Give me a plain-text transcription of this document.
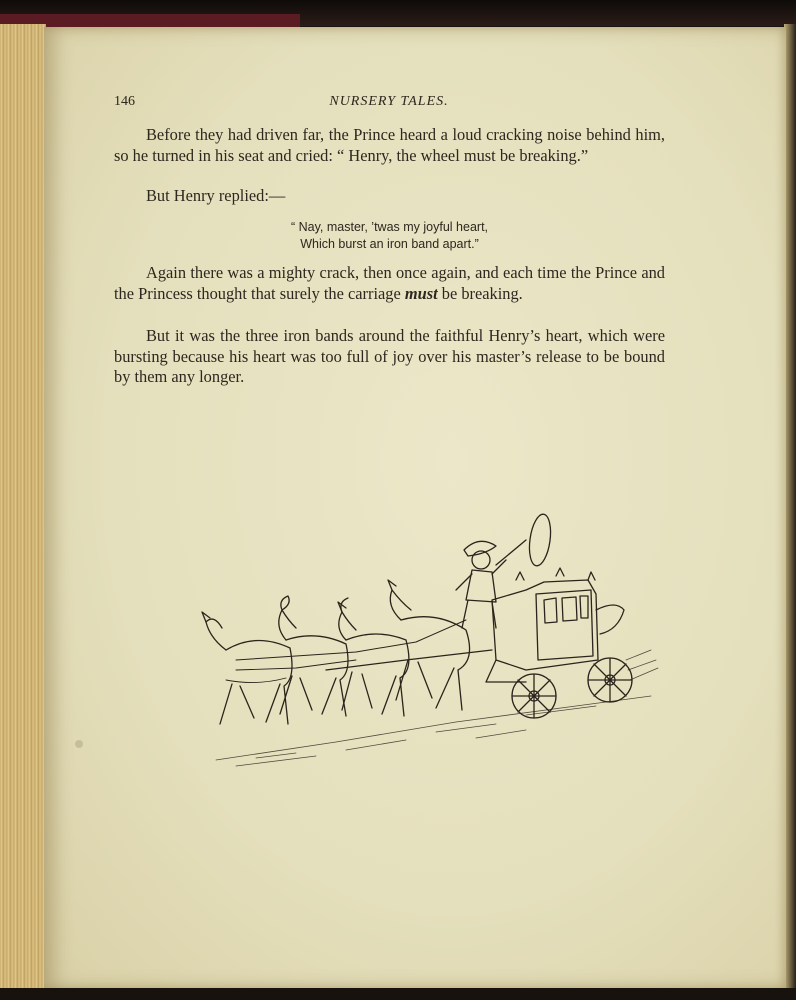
146	NURSERY TALES.

Before they had driven far, the Prince heard a loud cracking noise behind him, so he turned in his seat and cried: “ Henry, the wheel must be breaking.”

But Henry replied:—

“ Nay, master, ’twas my joyful heart,
Which burst an iron band apart.”

Again there was a mighty crack, then once again, and each time the Prince and the Princess thought that surely the carriage must be breaking.

But it was the three iron bands around the faithful Henry’s heart, which were bursting because his heart was too full of joy over his master’s release to be bound by them any longer.
